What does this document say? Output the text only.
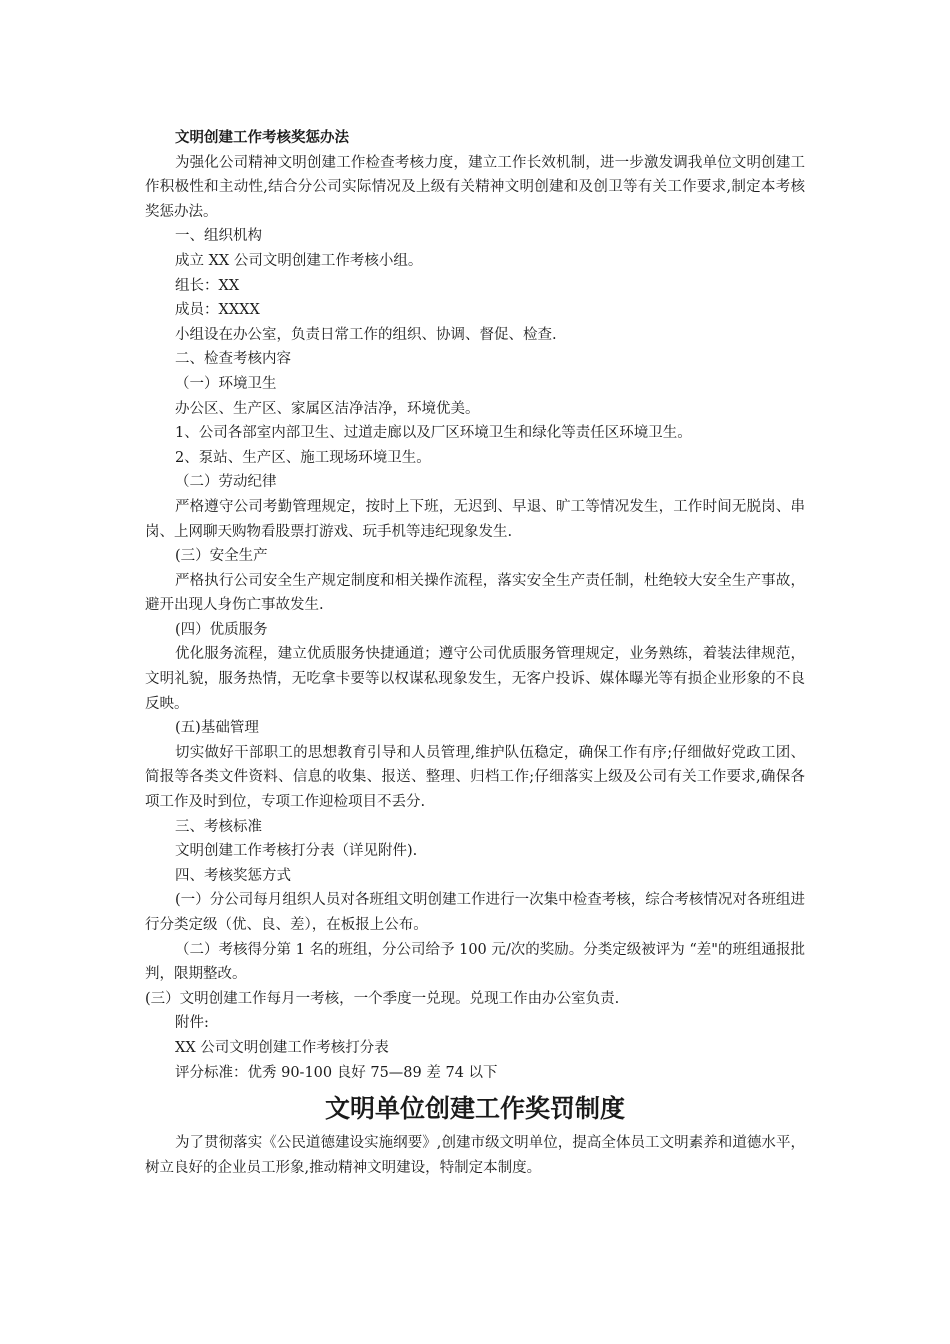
文明创建工作考核奖惩办法

为强化公司精神文明创建工作检查考核力度，建立工作长效机制，进一步激发调我单位文明创建工作积极性和主动性,结合分公司实际情况及上级有关精神文明创建和及创卫等有关工作要求,制定本考核奖惩办法。

一、组织机构

成立 XX 公司文明创建工作考核小组。

组长：XX

成员：XXXX

小组设在办公室，负责日常工作的组织、协调、督促、检查.

二、检查考核内容

（一）环境卫生

办公区、生产区、家属区洁净洁净，环境优美。

1、公司各部室内部卫生、过道走廊以及厂区环境卫生和绿化等责任区环境卫生。

2、泵站、生产区、施工现场环境卫生。

（二）劳动纪律

严格遵守公司考勤管理规定，按时上下班，无迟到、早退、旷工等情况发生，工作时间无脱岗、串岗、上网聊天购物看股票打游戏、玩手机等违纪现象发生.

(三）安全生产

严格执行公司安全生产规定制度和相关操作流程，落实安全生产责任制，杜绝较大安全生产事故，避开出现人身伤亡事故发生.

(四）优质服务

优化服务流程，建立优质服务快捷通道；遵守公司优质服务管理规定，业务熟练，着装法律规范，文明礼貌，服务热情，无吃拿卡要等以权谋私现象发生，无客户投诉、媒体曝光等有损企业形象的不良反映。

(五)基础管理

切实做好干部职工的思想教育引导和人员管理,维护队伍稳定，确保工作有序;仔细做好党政工团、简报等各类文件资料、信息的收集、报送、整理、归档工作;仔细落实上级及公司有关工作要求,确保各项工作及时到位，专项工作迎检项目不丢分.

三、考核标准

文明创建工作考核打分表（详见附件).

四、考核奖惩方式

(一）分公司每月组织人员对各班组文明创建工作进行一次集中检查考核，综合考核情况对各班组进行分类定级（优、良、差），在板报上公布。

（二）考核得分第 1 名的班组，分公司给予 100 元/次的奖励。分类定级被评为 “差"的班组通报批判，限期整改。

(三）文明创建工作每月一考核，一个季度一兑现。兑现工作由办公室负责.

附件:

XX 公司文明创建工作考核打分表

评分标准：优秀 90-100 良好 75—89 差 74 以下

文明单位创建工作奖罚制度

为了贯彻落实《公民道德建设实施纲要》,创建市级文明单位，提高全体员工文明素养和道德水平，树立良好的企业员工形象,推动精神文明建设，特制定本制度。
